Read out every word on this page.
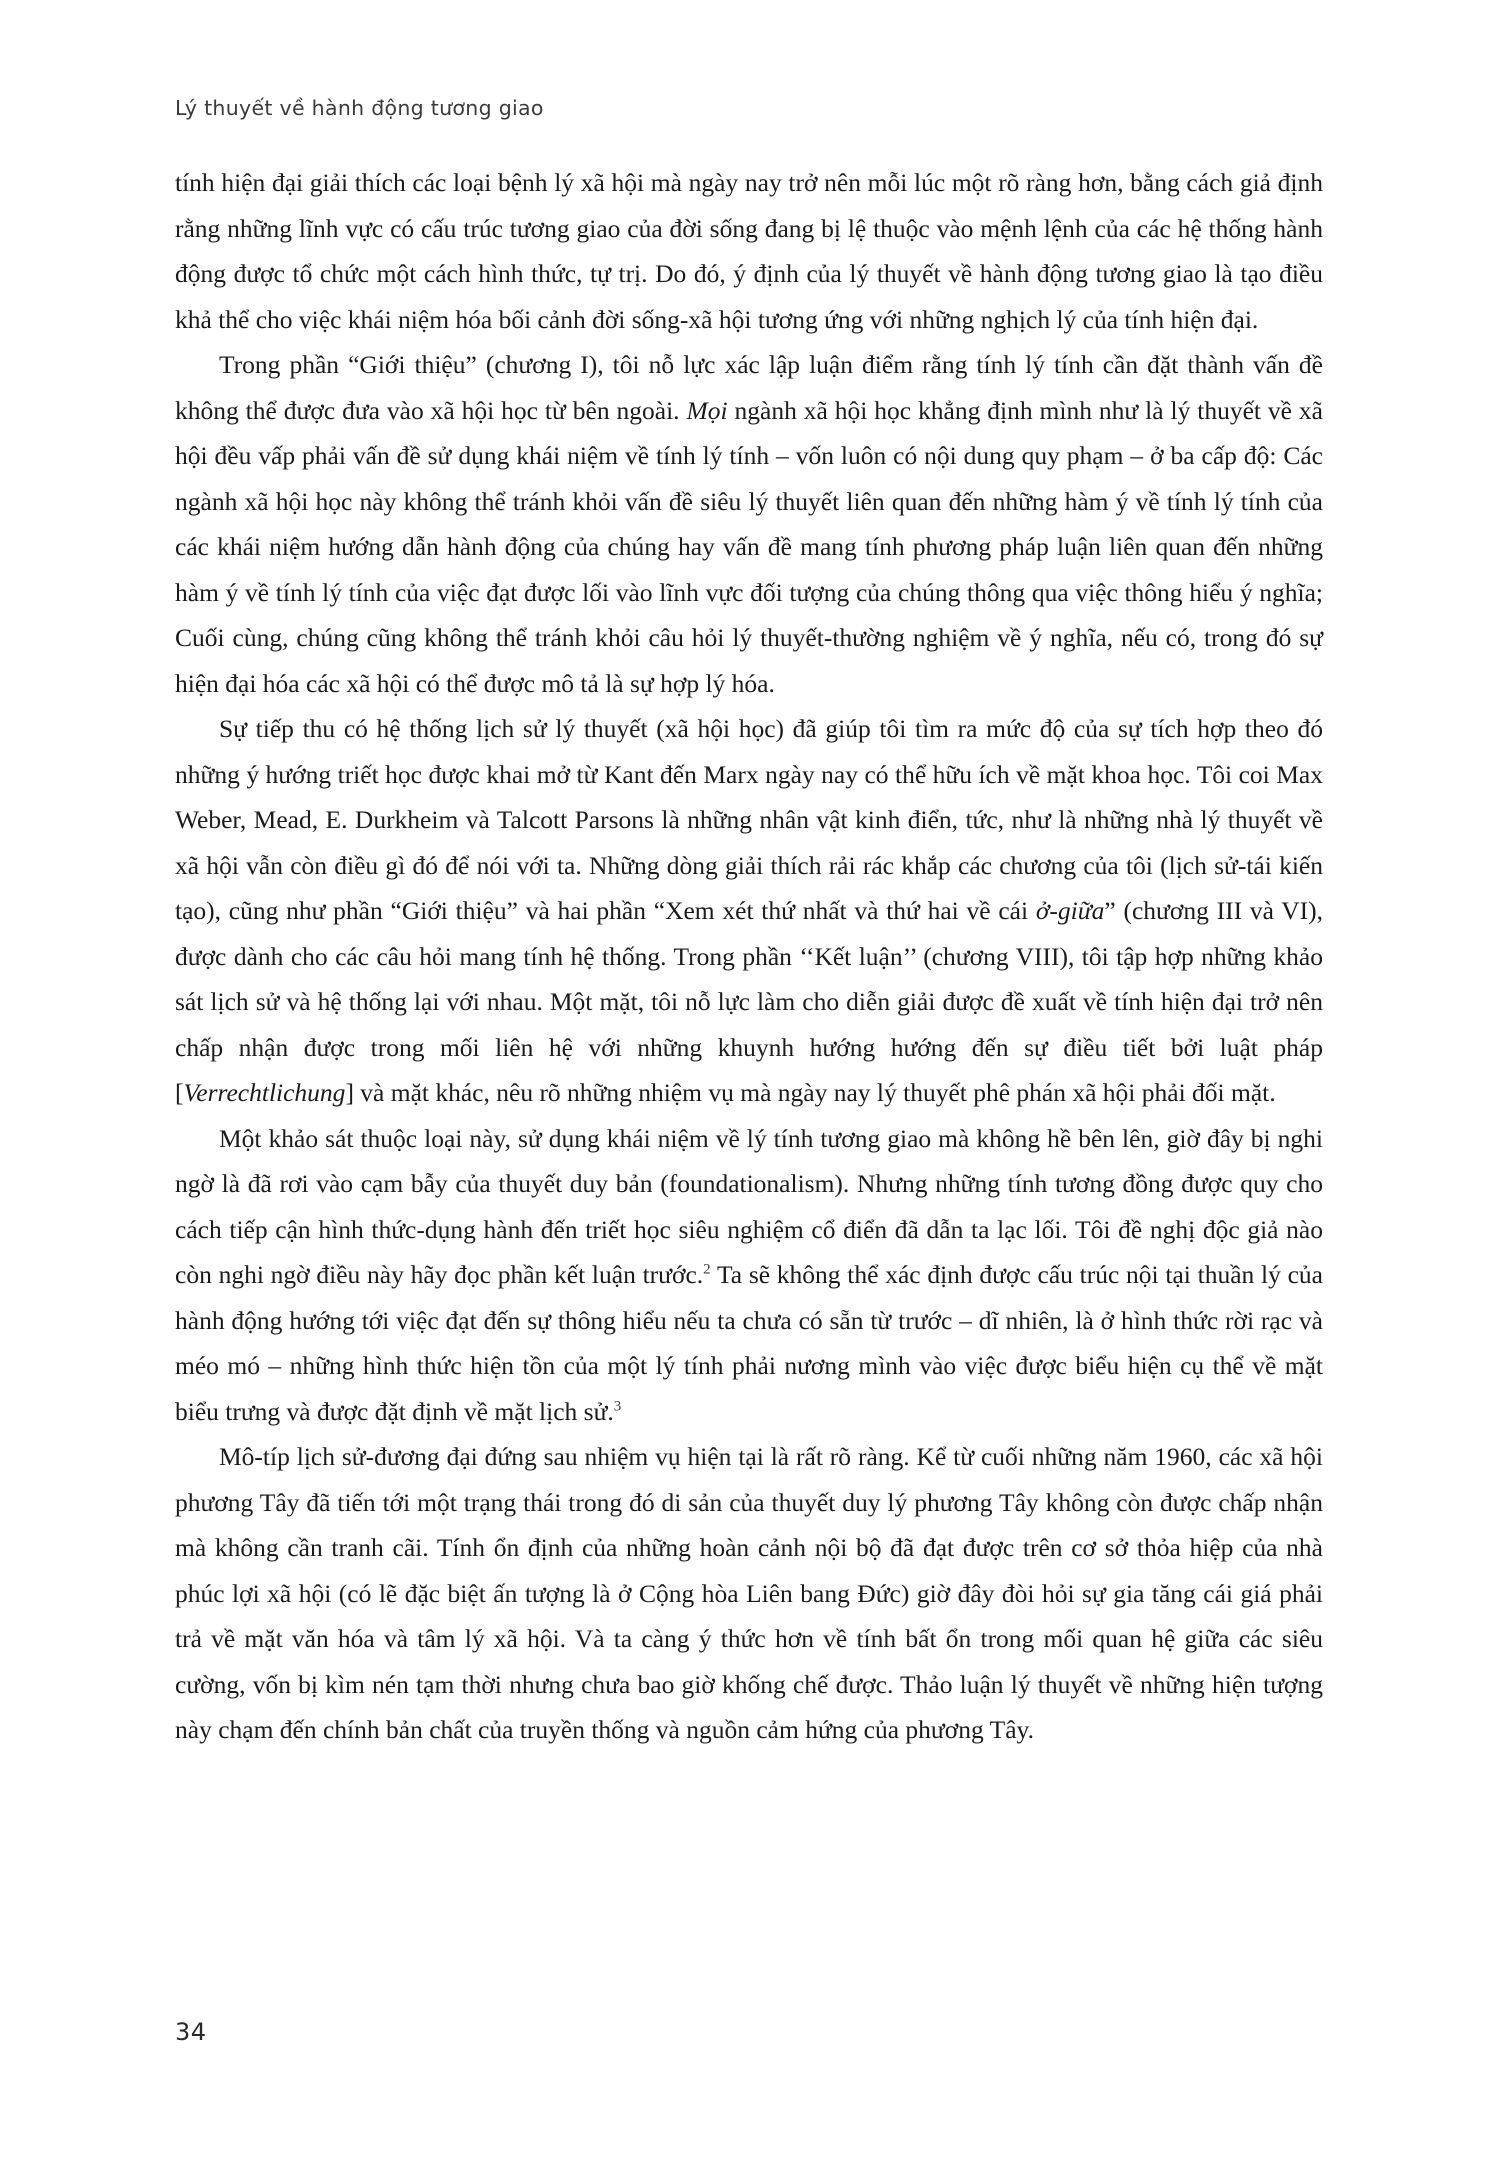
Lý thuyết về hành động tương giao

tính hiện đại giải thích các loại bệnh lý xã hội mà ngày nay trở nên mỗi lúc một rõ ràng hơn, bằng cách giả định rằng những lĩnh vực có cấu trúc tương giao của đời sống đang bị lệ thuộc vào mệnh lệnh của các hệ thống hành động được tổ chức một cách hình thức, tự trị. Do đó, ý định của lý thuyết về hành động tương giao là tạo điều khả thể cho việc khái niệm hóa bối cảnh đời sống-xã hội tương ứng với những nghịch lý của tính hiện đại.

Trong phần “Giới thiệu” (chương I), tôi nỗ lực xác lập luận điểm rằng tính lý tính cần đặt thành vấn đề không thể được đưa vào xã hội học từ bên ngoài. Mọi ngành xã hội học khẳng định mình như là lý thuyết về xã hội đều vấp phải vấn đề sử dụng khái niệm về tính lý tính – vốn luôn có nội dung quy phạm – ở ba cấp độ: Các ngành xã hội học này không thể tránh khỏi vấn đề siêu lý thuyết liên quan đến những hàm ý về tính lý tính của các khái niệm hướng dẫn hành động của chúng hay vấn đề mang tính phương pháp luận liên quan đến những hàm ý về tính lý tính của việc đạt được lối vào lĩnh vực đối tượng của chúng thông qua việc thông hiểu ý nghĩa; Cuối cùng, chúng cũng không thể tránh khỏi câu hỏi lý thuyết-thường nghiệm về ý nghĩa, nếu có, trong đó sự hiện đại hóa các xã hội có thể được mô tả là sự hợp lý hóa.

Sự tiếp thu có hệ thống lịch sử lý thuyết (xã hội học) đã giúp tôi tìm ra mức độ của sự tích hợp theo đó những ý hướng triết học được khai mở từ Kant đến Marx ngày nay có thể hữu ích về mặt khoa học. Tôi coi Max Weber, Mead, E. Durkheim và Talcott Parsons là những nhân vật kinh điển, tức, như là những nhà lý thuyết về xã hội vẫn còn điều gì đó để nói với ta. Những dòng giải thích rải rác khắp các chương của tôi (lịch sử-tái kiến tạo), cũng như phần “Giới thiệu” và hai phần “Xem xét thứ nhất và thứ hai về cái ở-giữa” (chương III và VI), được dành cho các câu hỏi mang tính hệ thống. Trong phần ‘‘Kết luận’’ (chương VIII), tôi tập hợp những khảo sát lịch sử và hệ thống lại với nhau. Một mặt, tôi nỗ lực làm cho diễn giải được đề xuất về tính hiện đại trở nên chấp nhận được trong mối liên hệ với những khuynh hướng hướng đến sự điều tiết bởi luật pháp [Verrechtlichung] và mặt khác, nêu rõ những nhiệm vụ mà ngày nay lý thuyết phê phán xã hội phải đối mặt.

Một khảo sát thuộc loại này, sử dụng khái niệm về lý tính tương giao mà không hề bên lên, giờ đây bị nghi ngờ là đã rơi vào cạm bẫy của thuyết duy bản (foundationalism). Nhưng những tính tương đồng được quy cho cách tiếp cận hình thức-dụng hành đến triết học siêu nghiệm cổ điển đã dẫn ta lạc lối. Tôi đề nghị độc giả nào còn nghi ngờ điều này hãy đọc phần kết luận trước.$^2$ Ta sẽ không thể xác định được cấu trúc nội tại thuần lý của hành động hướng tới việc đạt đến sự thông hiểu nếu ta chưa có sẵn từ trước – dĩ nhiên, là ở hình thức rời rạc và méo mó – những hình thức hiện tồn của một lý tính phải nương mình vào việc được biểu hiện cụ thể về mặt biểu trưng và được đặt định về mặt lịch sử.$^3$

Mô-típ lịch sử-đương đại đứng sau nhiệm vụ hiện tại là rất rõ ràng. Kể từ cuối những năm 1960, các xã hội phương Tây đã tiến tới một trạng thái trong đó di sản của thuyết duy lý phương Tây không còn được chấp nhận mà không cần tranh cãi. Tính ổn định của những hoàn cảnh nội bộ đã đạt được trên cơ sở thỏa hiệp của nhà phúc lợi xã hội (có lẽ đặc biệt ấn tượng là ở Cộng hòa Liên bang Đức) giờ đây đòi hỏi sự gia tăng cái giá phải trả về mặt văn hóa và tâm lý xã hội. Và ta càng ý thức hơn về tính bất ổn trong mối quan hệ giữa các siêu cường, vốn bị kìm nén tạm thời nhưng chưa bao giờ khống chế được. Thảo luận lý thuyết về những hiện tượng này chạm đến chính bản chất của truyền thống và nguồn cảm hứng của phương Tây.

34
